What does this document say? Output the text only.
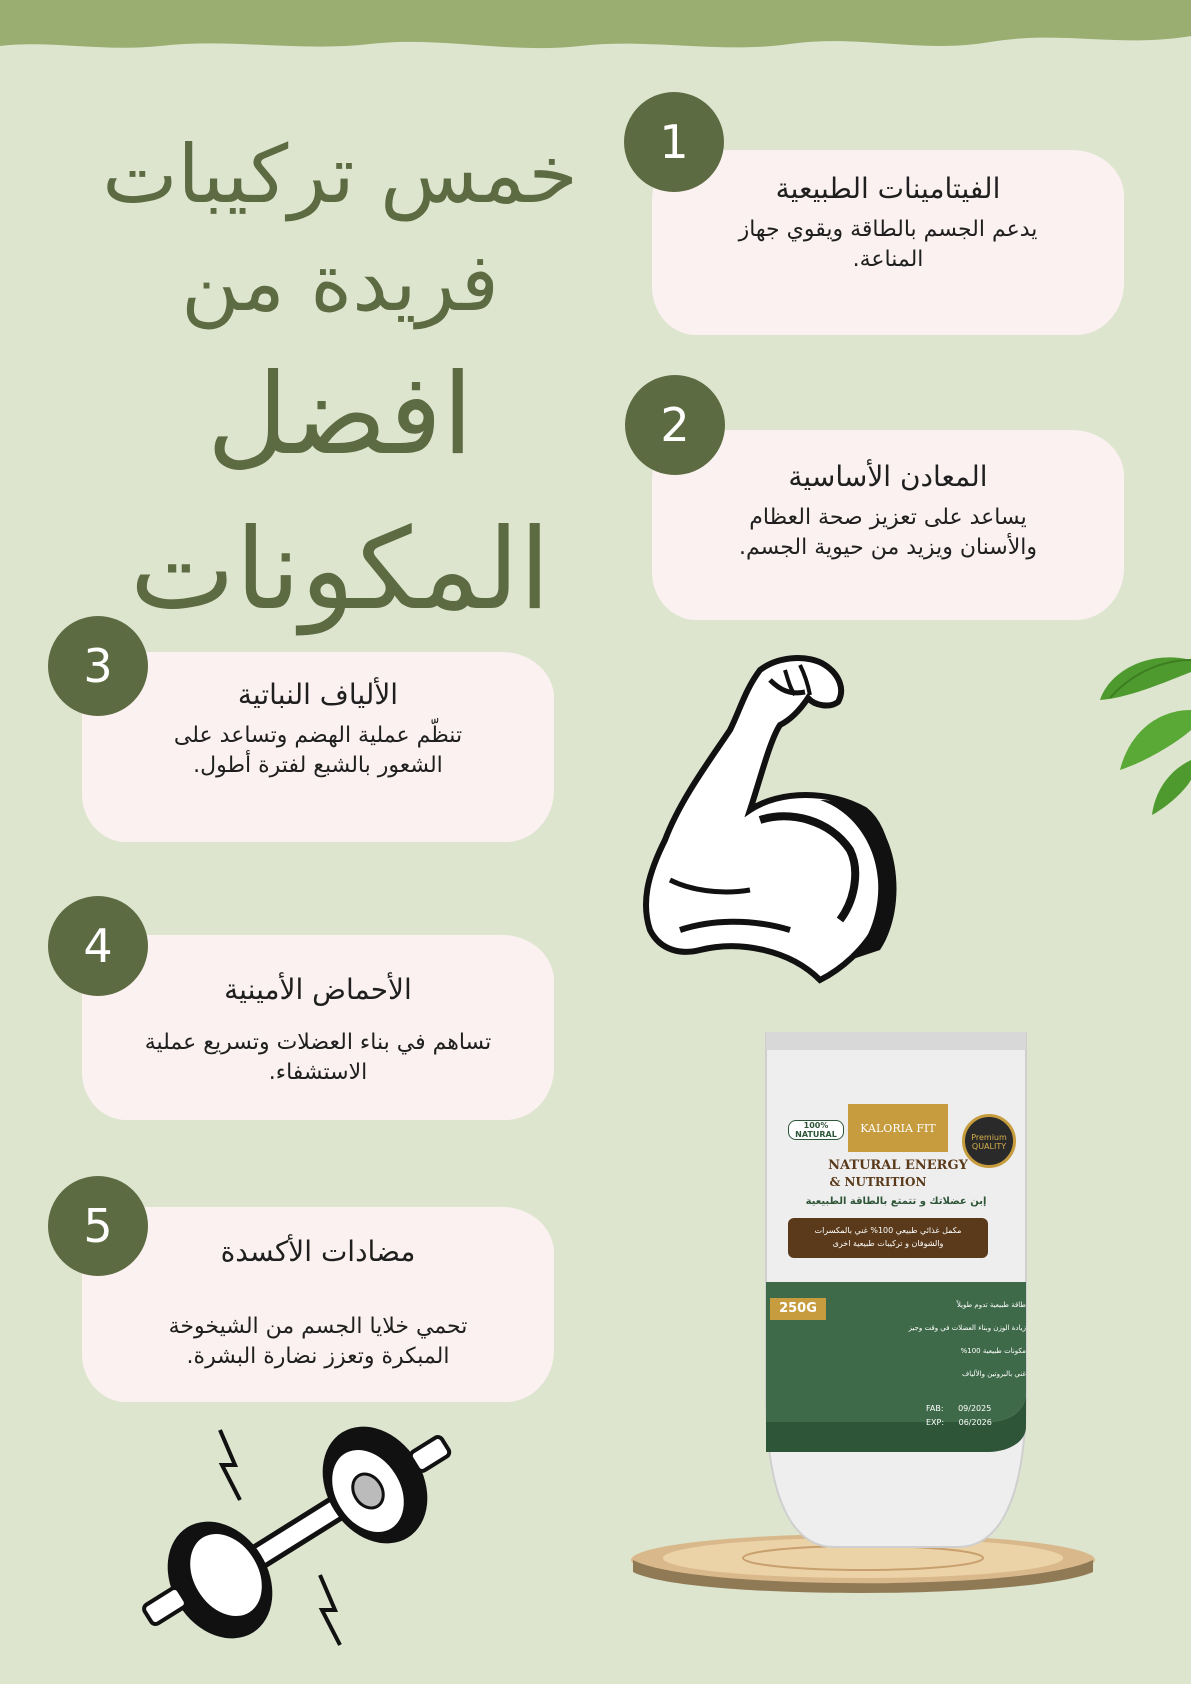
خمس تركيبات
فريدة من
افضل
المكونات
الفيتامينات الطبيعية
يدعم الجسم بالطاقة ويقوي جهاز المناعة.
1
المعادن الأساسية
يساعد على تعزيز صحة العظام والأسنان ويزيد من حيوية الجسم.
2
الألياف النباتية
تنظّم عملية الهضم وتساعد على الشعور بالشبع لفترة أطول.
3
الأحماض الأمينية
تساهم في بناء العضلات وتسريع عملية الاستشفاء.
4
مضادات الأكسدة
تحمي خلايا الجسم من الشيخوخة المبكرة وتعزز نضارة البشرة.
5
100% NATURAL	KALORIA FIT
Premium QUALITY
NATURAL ENERGY
& NUTRITION
إبن عضلاتك و تتمتع بالطاقة الطبيعية
مكمل غذائي طبيعي 100% غني بالمكسرات
والشوفان و تركيبات طبيعية اخرى
250G	طاقة طبيعية تدوم طويلاً
زيادة الوزن وبناء العضلات في وقت وجيز
مكونات طبيعية 100%
غني بالبروتين والألياف
FAB: 09/2025
EXP: 06/2026
